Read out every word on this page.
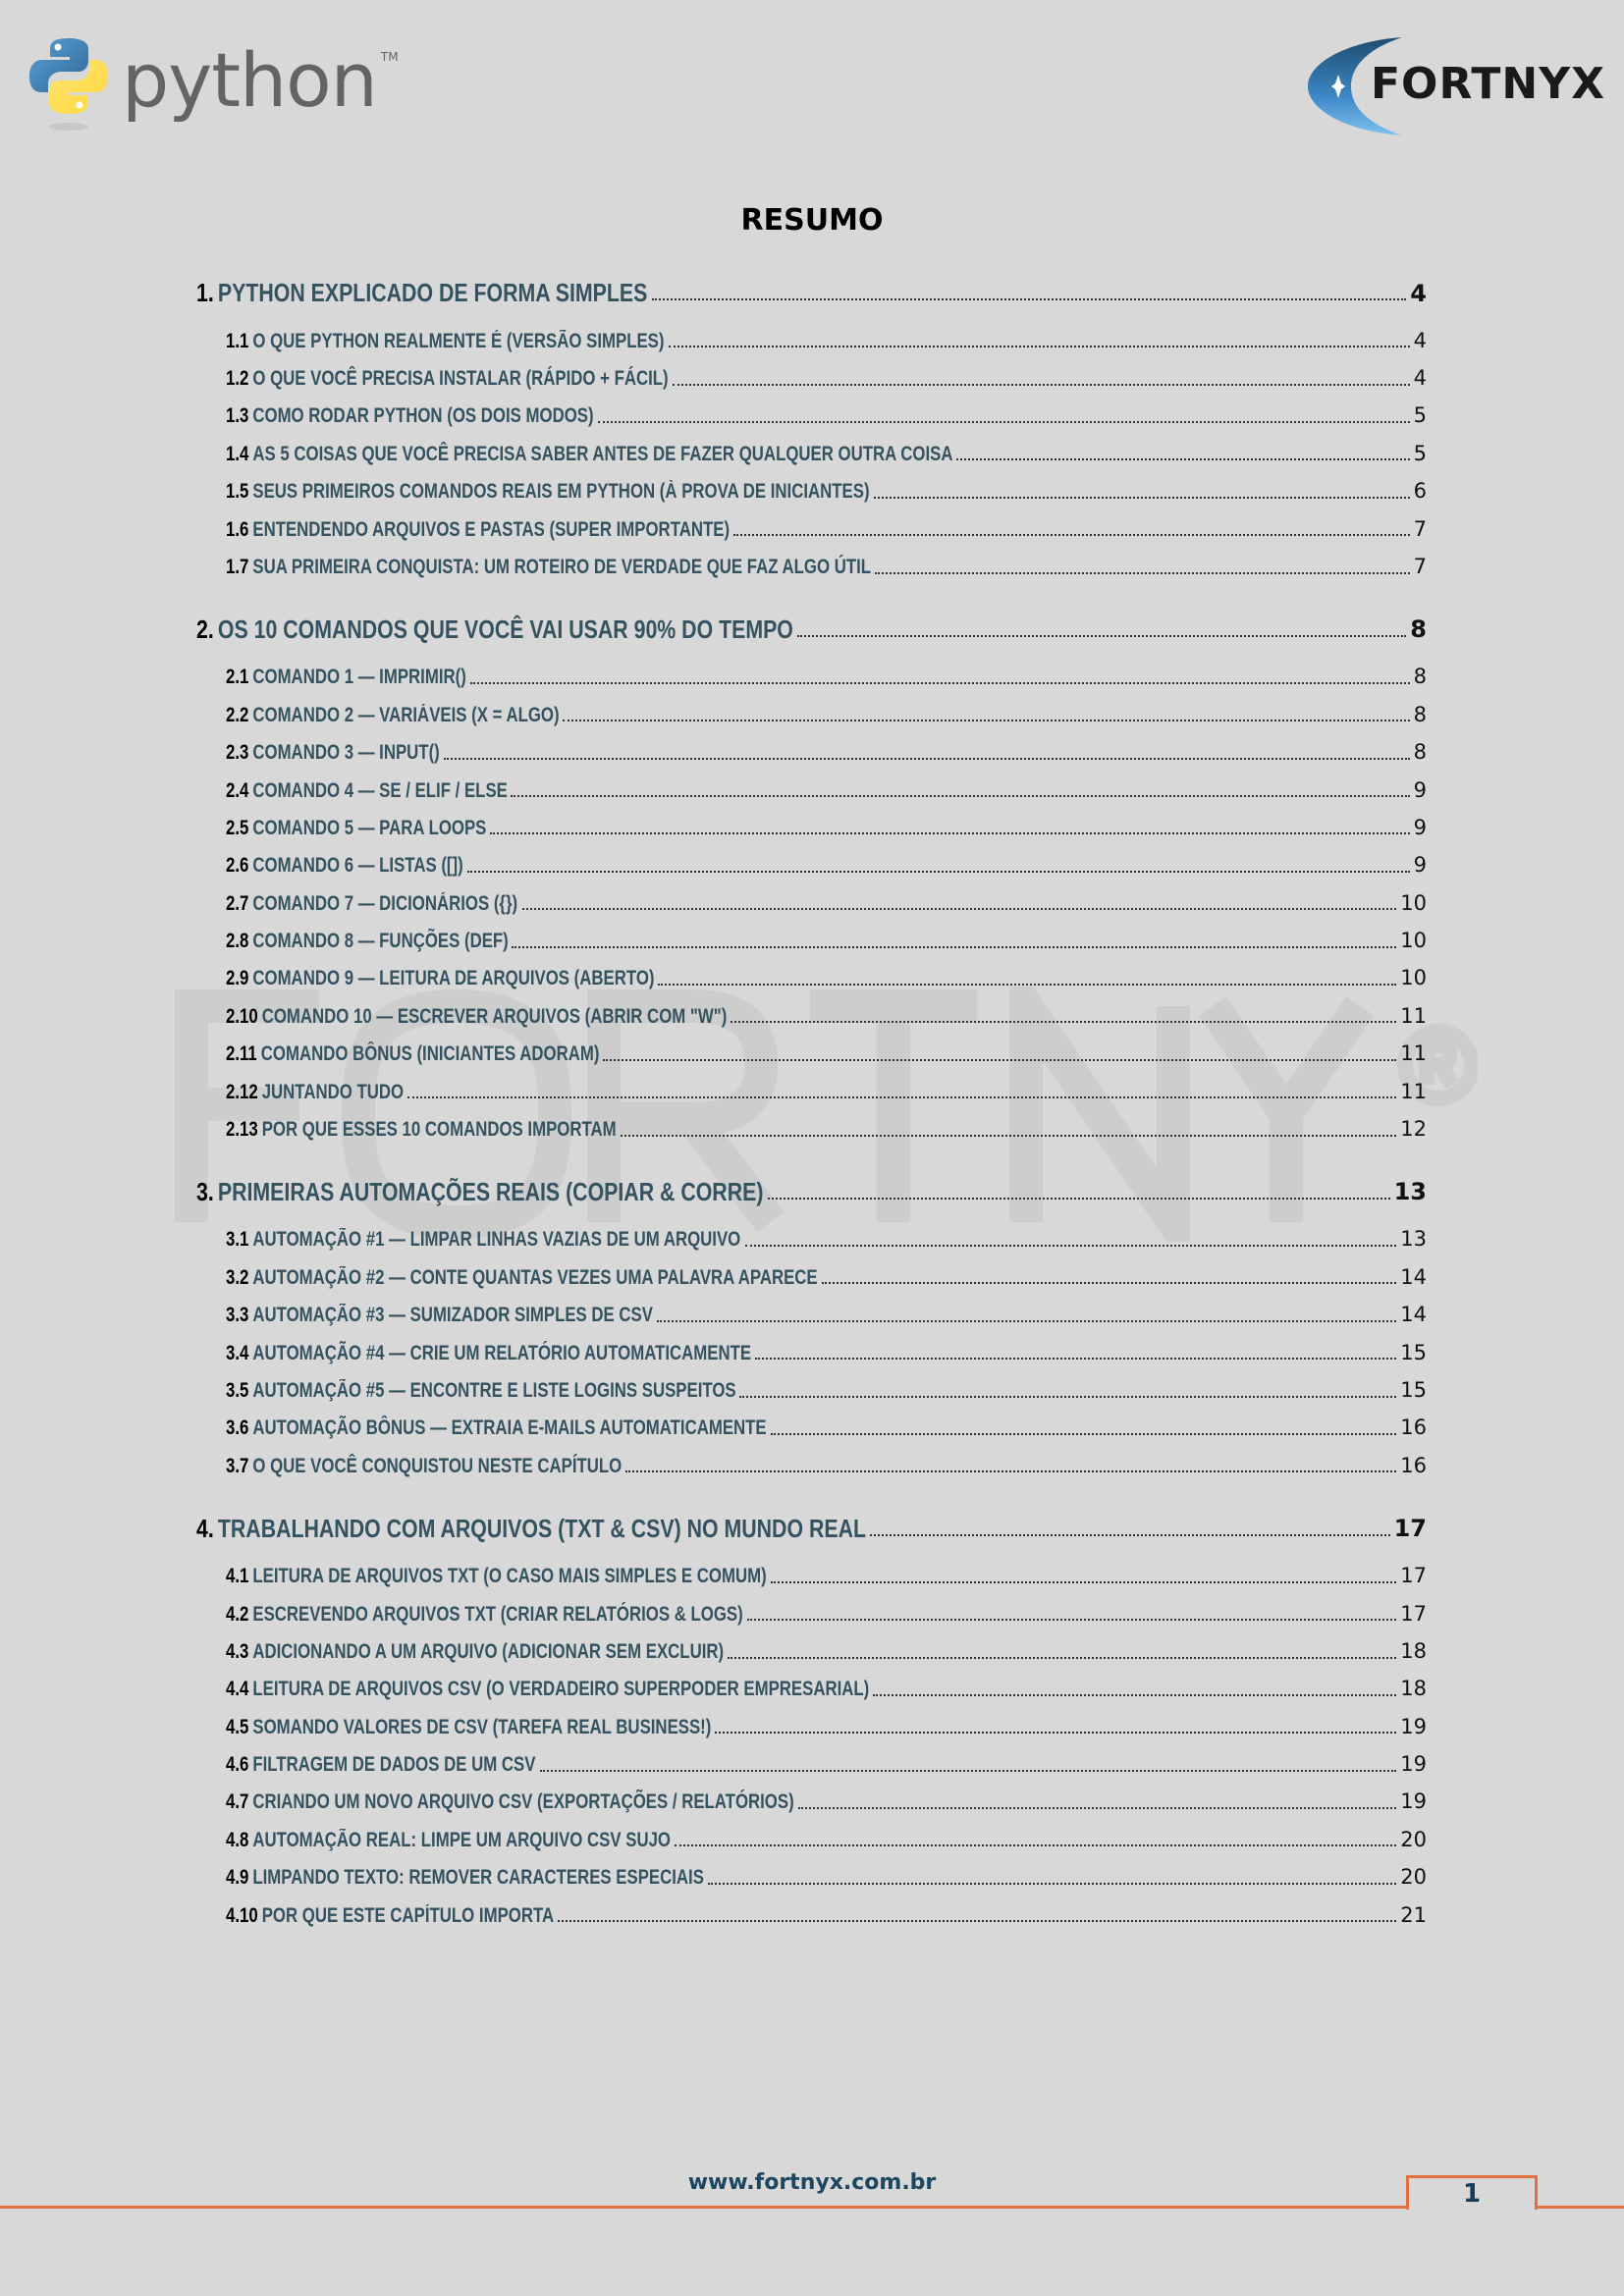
python TM
FORTNYX
RESUMO
1. PYTHON EXPLICADO DE FORMA SIMPLES	4
1.1 O QUE PYTHON REALMENTE É (VERSÃO SIMPLES)	4
1.2 O QUE VOCÊ PRECISA INSTALAR (RÁPIDO + FÁCIL)	4
1.3 COMO RODAR PYTHON (OS DOIS MODOS)	5
1.4 AS 5 COISAS QUE VOCÊ PRECISA SABER ANTES DE FAZER QUALQUER OUTRA COISA	5
1.5 SEUS PRIMEIROS COMANDOS REAIS EM PYTHON (À PROVA DE INICIANTES)	6
1.6 ENTENDENDO ARQUIVOS E PASTAS (SUPER IMPORTANTE)	7
1.7 SUA PRIMEIRA CONQUISTA: UM ROTEIRO DE VERDADE QUE FAZ ALGO ÚTIL	7
2. OS 10 COMANDOS QUE VOCÊ VAI USAR 90% DO TEMPO	8
2.1 COMANDO 1 — IMPRIMIR()	8
2.2 COMANDO 2 — VARIÁVEIS (X = ALGO)	8
2.3 COMANDO 3 — INPUT()	8
2.4 COMANDO 4 — SE / ELIF / ELSE	9
2.5 COMANDO 5 — PARA LOOPS	9
2.6 COMANDO 6 — LISTAS ([])	9
2.7 COMANDO 7 — DICIONÁRIOS ({})	10
2.8 COMANDO 8 — FUNÇÕES (DEF)	10
2.9 COMANDO 9 — LEITURA DE ARQUIVOS (ABERTO)	10
2.10 COMANDO 10 — ESCREVER ARQUIVOS (ABRIR COM "W")	11
2.11 COMANDO BÔNUS (INICIANTES ADORAM)	11
2.12 JUNTANDO TUDO	11
2.13 POR QUE ESSES 10 COMANDOS IMPORTAM	12
3. PRIMEIRAS AUTOMAÇÕES REAIS (COPIAR & CORRE)	13
3.1 AUTOMAÇÃO #1 — LIMPAR LINHAS VAZIAS DE UM ARQUIVO	13
3.2 AUTOMAÇÃO #2 — CONTE QUANTAS VEZES UMA PALAVRA APARECE	14
3.3 AUTOMAÇÃO #3 — SUMIZADOR SIMPLES DE CSV	14
3.4 AUTOMAÇÃO #4 — CRIE UM RELATÓRIO AUTOMATICAMENTE	15
3.5 AUTOMAÇÃO #5 — ENCONTRE E LISTE LOGINS SUSPEITOS	15
3.6 AUTOMAÇÃO BÔNUS — EXTRAIA E-MAILS AUTOMATICAMENTE	16
3.7 O QUE VOCÊ CONQUISTOU NESTE CAPÍTULO	16
4. TRABALHANDO COM ARQUIVOS (TXT & CSV) NO MUNDO REAL	17
4.1 LEITURA DE ARQUIVOS TXT (O CASO MAIS SIMPLES E COMUM)	17
4.2 ESCREVENDO ARQUIVOS TXT (CRIAR RELATÓRIOS & LOGS)	17
4.3 ADICIONANDO A UM ARQUIVO (ADICIONAR SEM EXCLUIR)	18
4.4 LEITURA DE ARQUIVOS CSV (O VERDADEIRO SUPERPODER EMPRESARIAL)	18
4.5 SOMANDO VALORES DE CSV (TAREFA REAL BUSINESS!)	19
4.6 FILTRAGEM DE DADOS DE UM CSV	19
4.7 CRIANDO UM NOVO ARQUIVO CSV (EXPORTAÇÕES / RELATÓRIOS)	19
4.8 AUTOMAÇÃO REAL: LIMPE UM ARQUIVO CSV SUJO	20
4.9 LIMPANDO TEXTO: REMOVER CARACTERES ESPECIAIS	20
4.10 POR QUE ESTE CAPÍTULO IMPORTA	21
www.fortnyx.com.br	1
